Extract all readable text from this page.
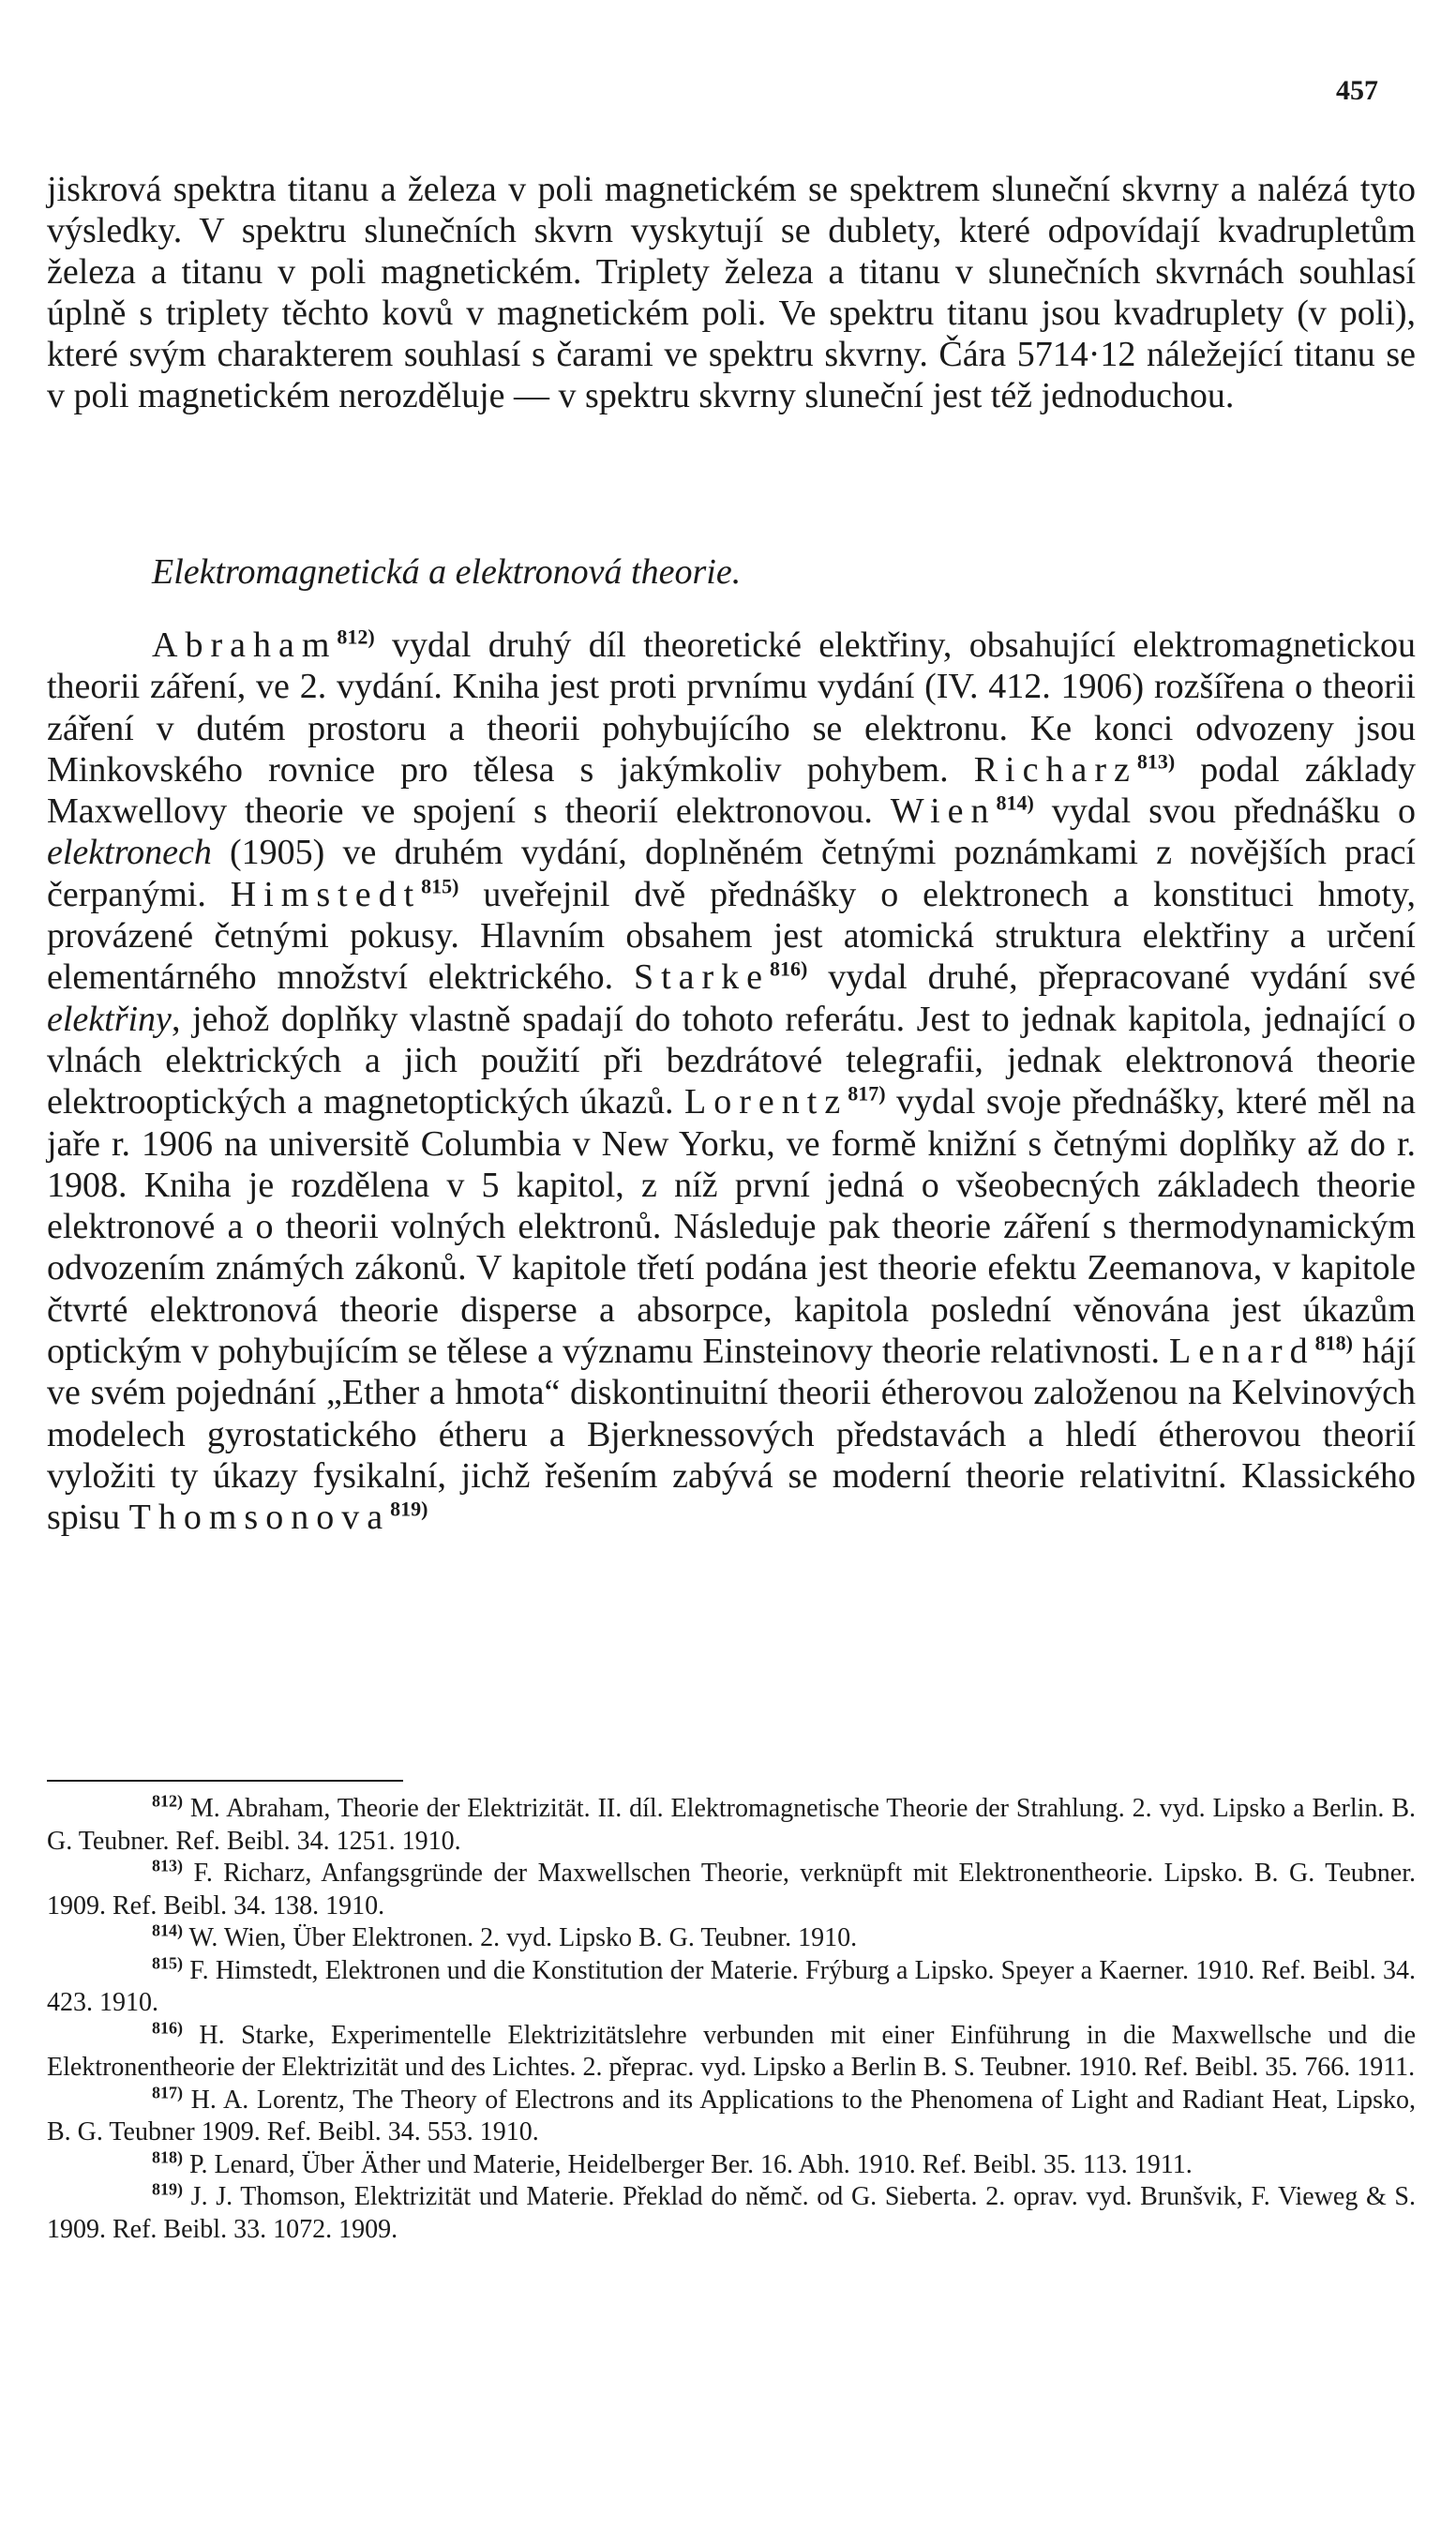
457

jiskrová spektra titanu a železa v poli magnetickém se spektrem sluneční skvrny a nalézá tyto výsledky. V spektru slunečních skvrn vyskytují se dublety, které odpovídají kvadrupletům železa a titanu v poli magnetickém. Triplety železa a titanu v slunečních skvrnách souhlasí úplně s triplety těchto kovů v magnetickém poli. Ve spektru titanu jsou kvadruplety (v poli), které svým charakterem souhlasí s čarami ve spektru skvrny. Čára 5714·12 náležející titanu se v poli magnetickém nerozděluje — v spektru skvrny sluneční jest též jednoduchou.

Elektromagnetická a elektronová theorie.

Abraham$^{812)}$ vydal druhý díl theoretické elektřiny, obsahující elektromagnetickou theorii záření, ve 2. vydání. Kniha jest proti prvnímu vydání (IV. 412. 1906) rozšířena o theorii záření v dutém prostoru a theorii pohybujícího se elektronu. Ke konci odvozeny jsou Minkovského rovnice pro tělesa s jakýmkoliv pohybem. Richarz$^{813)}$ podal základy Maxwellovy theorie ve spojení s theorií elektronovou. Wien$^{814)}$ vydal svou přednášku o elektronech (1905) ve druhém vydání, doplněném četnými poznámkami z novějších prací čerpanými. Himstedt$^{815)}$ uveřejnil dvě přednášky o elektronech a konstituci hmoty, provázené četnými pokusy. Hlavním obsahem jest atomická struktura elektřiny a určení elementárného množství elektrického. Starke$^{816)}$ vydal druhé, přepracované vydání své elektřiny, jehož doplňky vlastně spadají do tohoto referátu. Jest to jednak kapitola, jednající o vlnách elektrických a jich použití při bezdrátové telegrafii, jednak elektronová theorie elektrooptických a magnetoptických úkazů. Lorentz$^{817)}$ vydal svoje přednášky, které měl na jaře r. 1906 na universitě Columbia v New Yorku, ve formě knižní s četnými doplňky až do r. 1908. Kniha je rozdělena v 5 kapitol, z níž první jedná o všeobecných základech theorie elektronové a o theorii volných elektronů. Následuje pak theorie záření s thermodynamickým odvozením známých zákonů. V kapitole třetí podána jest theorie efektu Zeemanova, v kapitole čtvrté elektronová theorie disperse a absorpce, kapitola poslední věnována jest úkazům optickým v pohybujícím se tělese a významu Einsteinovy theorie relativnosti. Lenard$^{818)}$ hájí ve svém pojednání „Ether a hmota“ diskontinuitní theorii étherovou založenou na Kelvinových modelech gyrostatického étheru a Bjerknessových představách a hledí étherovou theorií vyložiti ty úkazy fysikalní, jichž řešením zabývá se moderní theorie relativitní. Klassického spisu Thomsonova$^{819)}$

$^{812)}$ M. Abraham, Theorie der Elektrizität. II. díl. Elektromagnetische Theorie der Strahlung. 2. vyd. Lipsko a Berlin. B. G. Teubner. Ref. Beibl. 34. 1251. 1910.

$^{813)}$ F. Richarz, Anfangsgründe der Maxwellschen Theorie, verknüpft mit Elektronentheorie. Lipsko. B. G. Teubner. 1909. Ref. Beibl. 34. 138. 1910.

$^{814)}$ W. Wien, Über Elektronen. 2. vyd. Lipsko B. G. Teubner. 1910.

$^{815)}$ F. Himstedt, Elektronen und die Konstitution der Materie. Frýburg a Lipsko. Speyer a Kaerner. 1910. Ref. Beibl. 34. 423. 1910.

$^{816)}$ H. Starke, Experimentelle Elektrizitätslehre verbunden mit einer Einführung in die Maxwellsche und die Elektronentheorie der Elektrizität und des Lichtes. 2. přeprac. vyd. Lipsko a Berlin B. S. Teubner. 1910. Ref. Beibl. 35. 766. 1911.

$^{817)}$ H. A. Lorentz, The Theory of Electrons and its Applications to the Phenomena of Light and Radiant Heat, Lipsko, B. G. Teubner 1909. Ref. Beibl. 34. 553. 1910.

$^{818)}$ P. Lenard, Über Äther und Materie, Heidelberger Ber. 16. Abh. 1910. Ref. Beibl. 35. 113. 1911.

$^{819)}$ J. J. Thomson, Elektrizität und Materie. Překlad do němč. od G. Sieberta. 2. oprav. vyd. Brunšvik, F. Vieweg & S. 1909. Ref. Beibl. 33. 1072. 1909.
